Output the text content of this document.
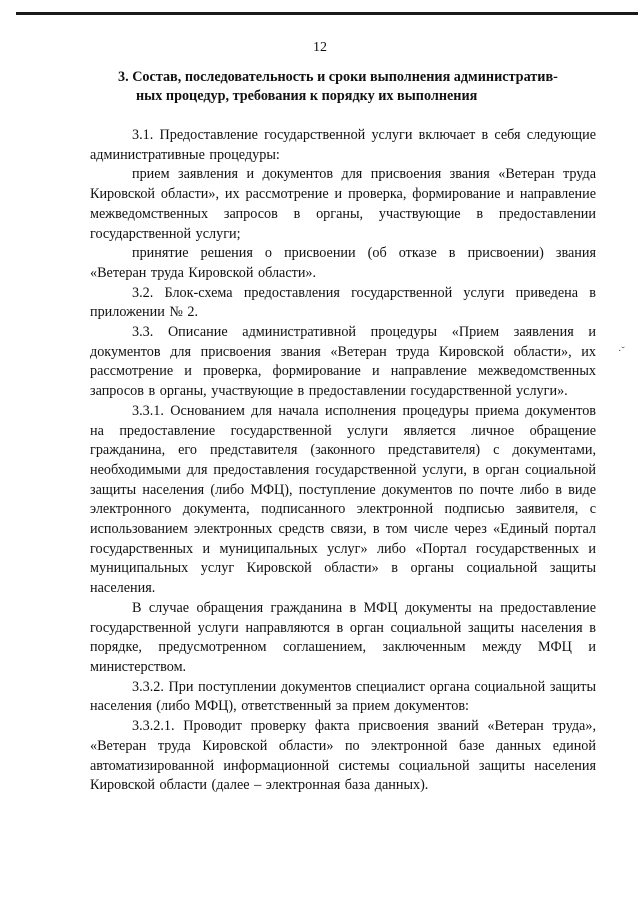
12
3. Состав, последовательность и сроки выполнения административ-
ных процедур, требования к порядку их выполнения

3.1. Предоставление государственной услуги включает в себя следующие административные процедуры:

прием заявления и документов для присвоения звания «Ветеран труда Кировской области», их рассмотрение и проверка, формирование и направление межведомственных запросов в органы, участвующие в предоставлении государственной услуги;

принятие решения о присвоении (об отказе в присвоении) звания «Ветеран труда Кировской области».

3.2. Блок-схема предоставления государственной услуги приведена в приложении № 2.

3.3. Описание административной процедуры «Прием заявления и документов для присвоения звания «Ветеран труда Кировской области», их рассмотрение и проверка, формирование и направление межведомственных запросов в органы, участвующие в предоставлении государственной услуги».

3.3.1. Основанием для начала исполнения процедуры приема документов на предоставление государственной услуги является личное обращение гражданина, его представителя (законного представителя) с документами, необходимыми для предоставления государственной услуги, в орган социальной защиты населения (либо МФЦ), поступление документов по почте либо в виде электронного документа, подписанного электронной подписью заявителя, с использованием электронных средств связи, в том числе через «Единый портал государственных и муниципальных услуг» либо «Портал государственных и муниципальных услуг Кировской области» в органы социальной защиты населения.

В случае обращения гражданина в МФЦ документы на предоставление государственной услуги направляются в орган социальной защиты населения в порядке, предусмотренном соглашением, заключенным между МФЦ и министерством.

3.3.2. При поступлении документов специалист органа социальной защиты населения (либо МФЦ), ответственный за прием документов:

3.3.2.1. Проводит проверку факта присвоения званий «Ветеран труда», «Ветеран труда Кировской области» по электронной базе данных единой автоматизированной информационной системы социальной защиты населения Кировской области (далее – электронная база данных).

·˘
